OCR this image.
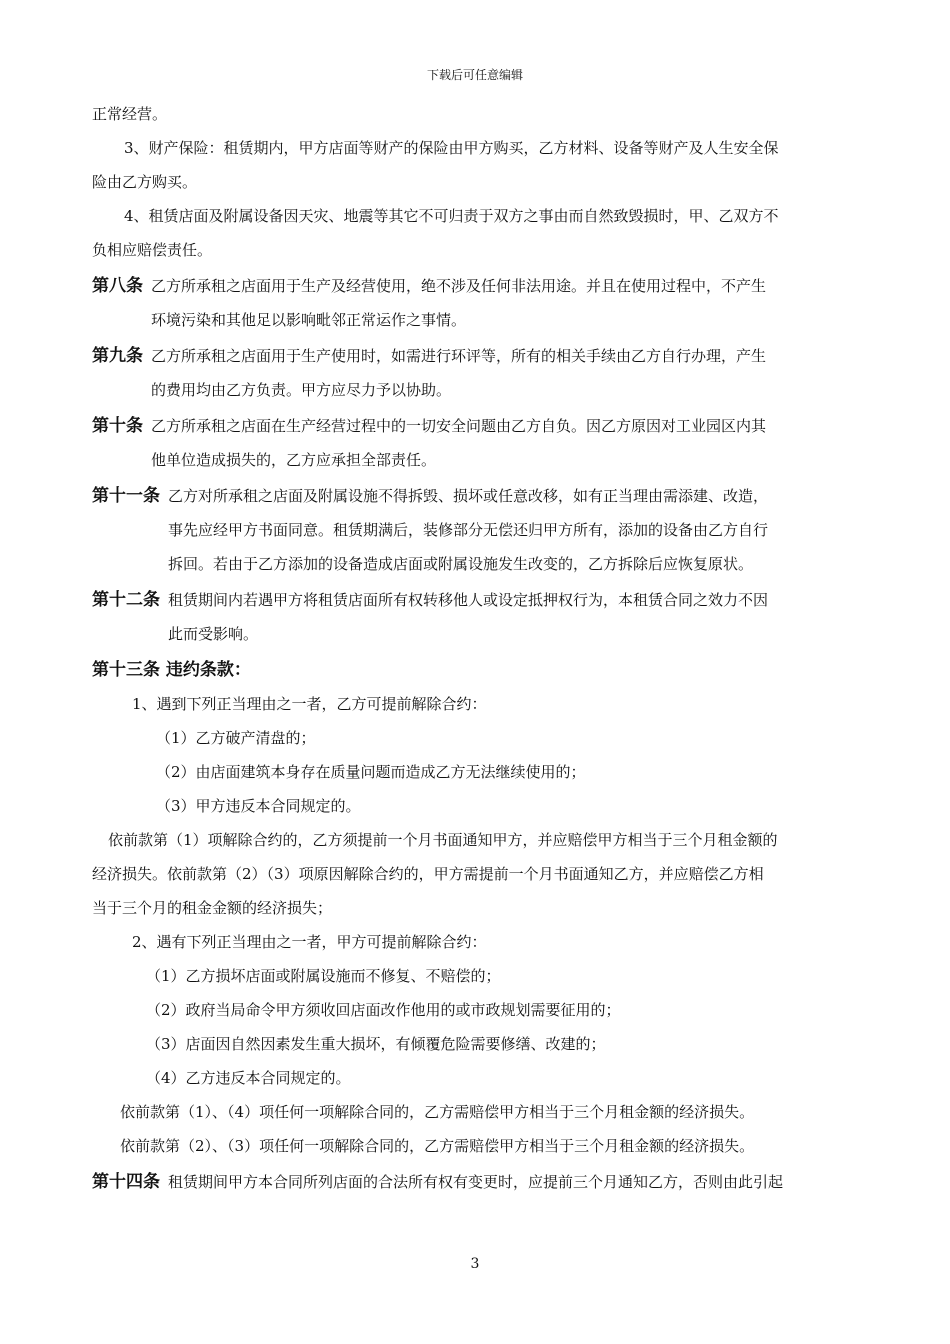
下载后可任意编辑

正常经营。

3、财产保险：租赁期内，甲方店面等财产的保险由甲方购买，乙方材料、设备等财产及人生安全保

险由乙方购买。

4、租赁店面及附属设备因天灾、地震等其它不可归责于双方之事由而自然致毁损时，甲、乙双方不

负相应赔偿责任。

第八条 乙方所承租之店面用于生产及经营使用，绝不涉及任何非法用途。并且在使用过程中，不产生
环境污染和其他足以影响毗邻正常运作之事情。
第九条 乙方所承租之店面用于生产使用时，如需进行环评等，所有的相关手续由乙方自行办理，产生
的费用均由乙方负责。甲方应尽力予以协助。
第十条 乙方所承租之店面在生产经营过程中的一切安全问题由乙方自负。因乙方原因对工业园区内其
他单位造成损失的，乙方应承担全部责任。
第十一条 乙方对所承租之店面及附属设施不得拆毁、损坏或任意改移，如有正当理由需添建、改造，
事先应经甲方书面同意。租赁期满后，装修部分无偿还归甲方所有，添加的设备由乙方自行
拆回。若由于乙方添加的设备造成店面或附属设施发生改变的，乙方拆除后应恢复原状。
第十二条 租赁期间内若遇甲方将租赁店面所有权转移他人或设定抵押权行为，本租赁合同之效力不因
此而受影响。

第十三条 违约条款：

1、遇到下列正当理由之一者，乙方可提前解除合约：

（1）乙方破产清盘的；

（2）由店面建筑本身存在质量问题而造成乙方无法继续使用的；

（3）甲方违反本合同规定的。

依前款第（1）项解除合约的，乙方须提前一个月书面通知甲方，并应赔偿甲方相当于三个月租金额的

经济损失。依前款第（2）（3）项原因解除合约的，甲方需提前一个月书面通知乙方，并应赔偿乙方相

当于三个月的租金金额的经济损失；

2、遇有下列正当理由之一者，甲方可提前解除合约：

（1）乙方损坏店面或附属设施而不修复、不赔偿的；

（2）政府当局命令甲方须收回店面改作他用的或市政规划需要征用的；

（3）店面因自然因素发生重大损坏，有倾覆危险需要修缮、改建的；

（4）乙方违反本合同规定的。

依前款第（1）、（4）项任何一项解除合同的，乙方需赔偿甲方相当于三个月租金额的经济损失。

依前款第（2）、（3）项任何一项解除合同的，乙方需赔偿甲方相当于三个月租金额的经济损失。

第十四条 租赁期间甲方本合同所列店面的合法所有权有变更时，应提前三个月通知乙方，否则由此引起
3
